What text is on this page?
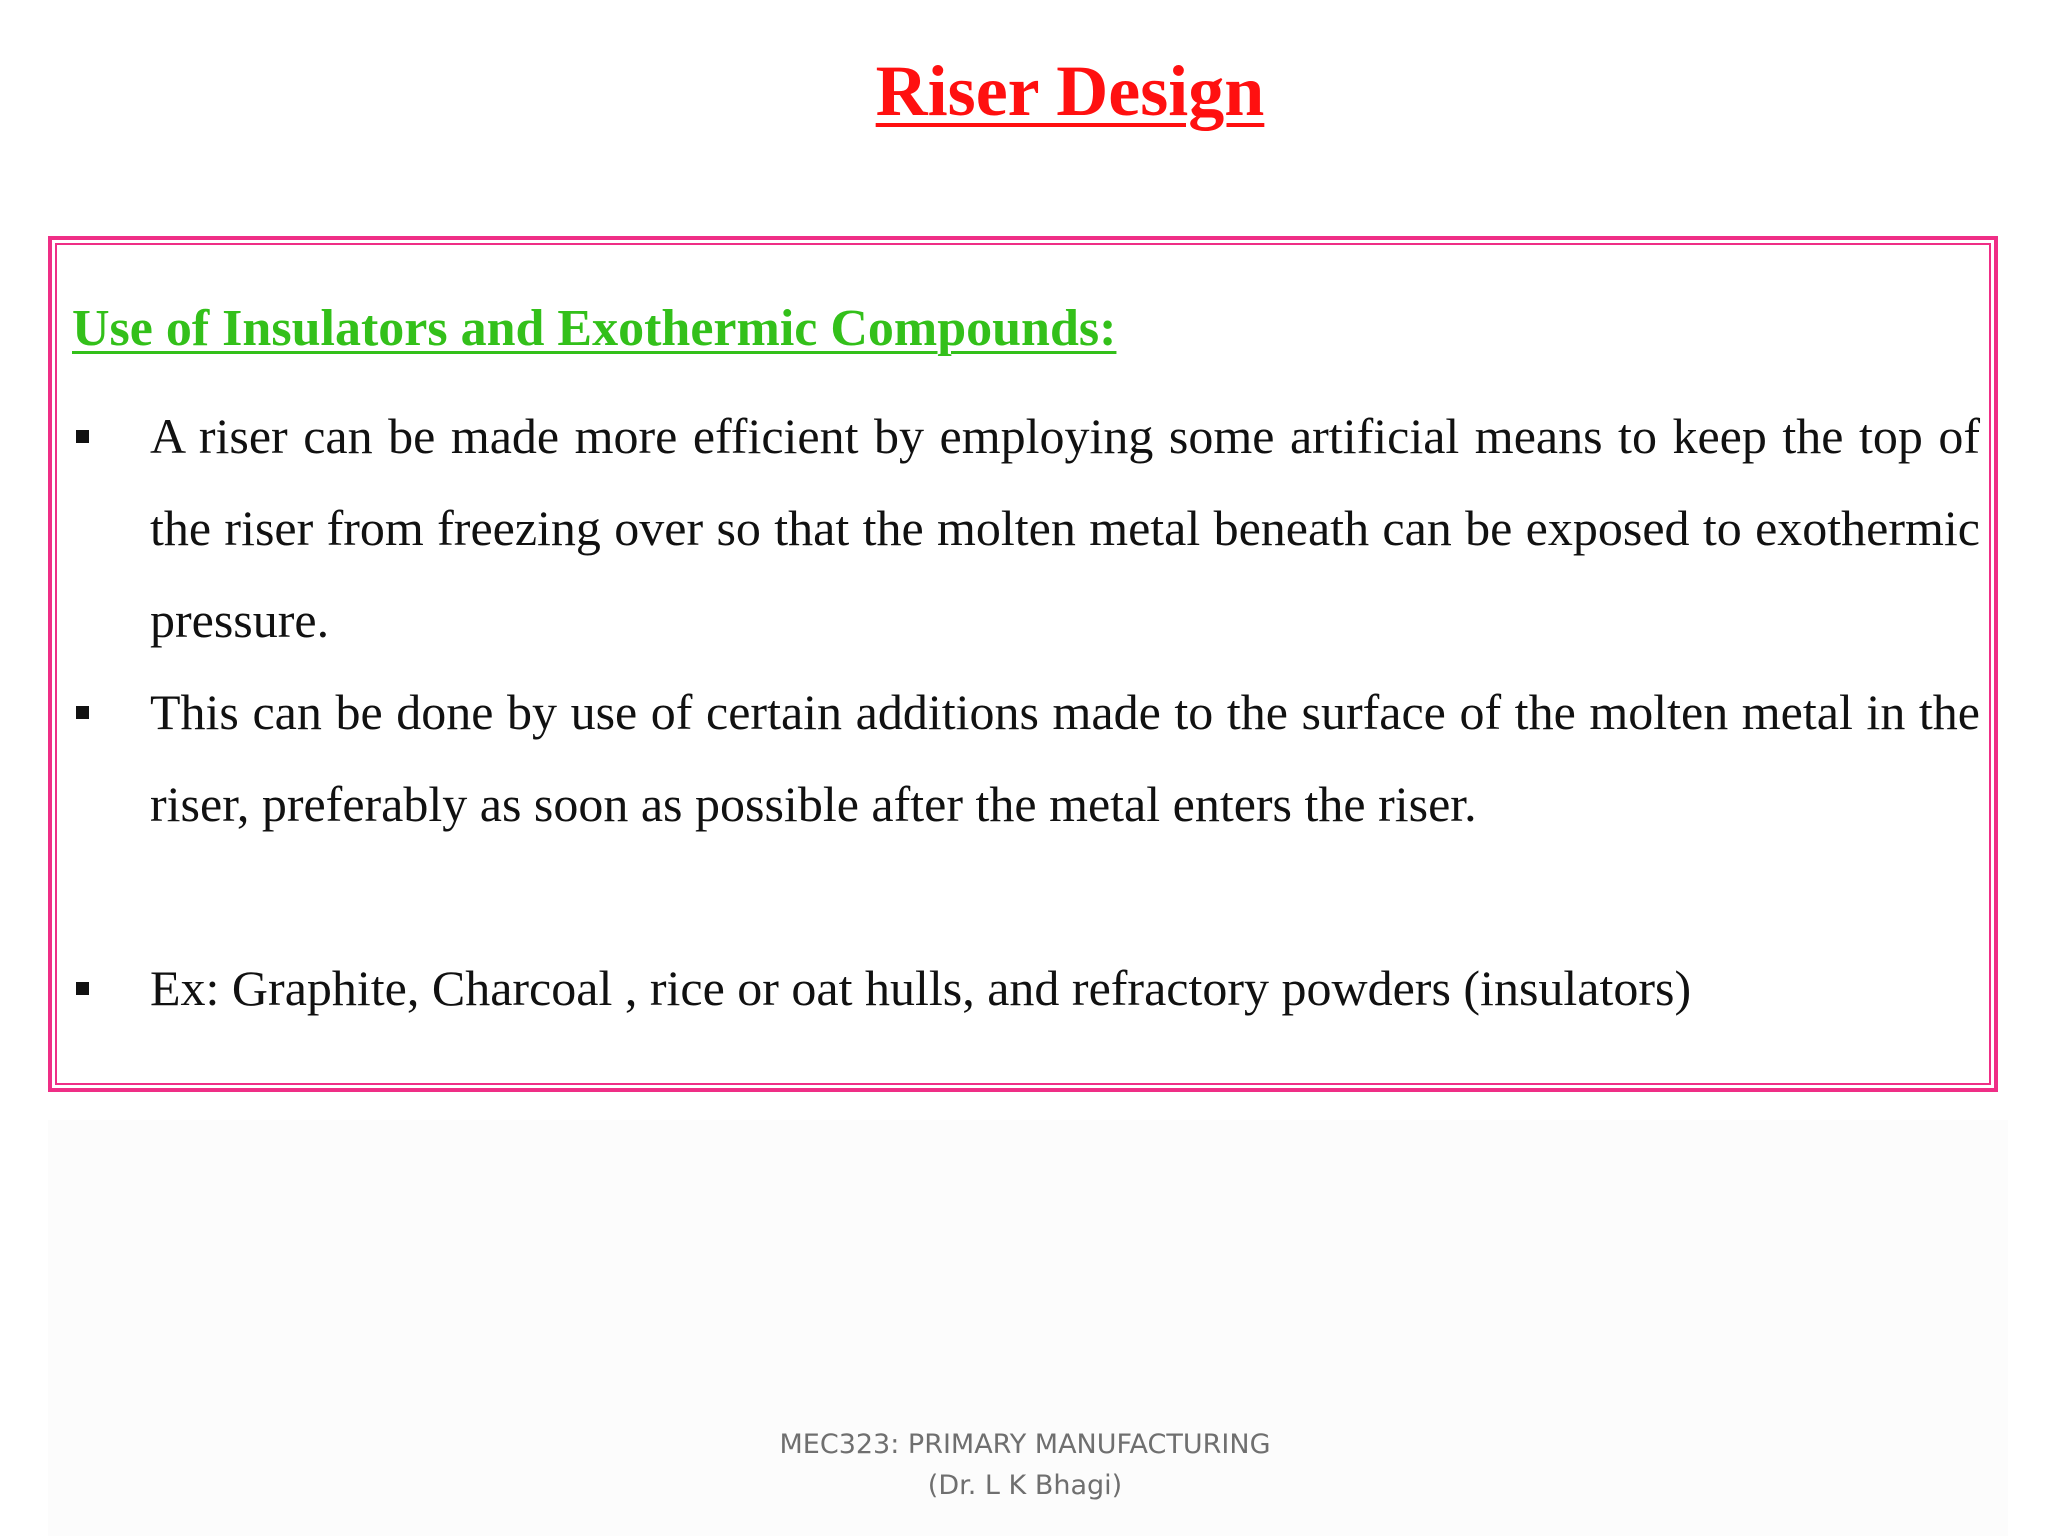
Riser Design
Use of Insulators and Exothermic Compounds:
A riser can be made more efficient by employing some artificial means to keep the top of the riser from freezing over so that the molten metal beneath can be exposed to exothermic pressure.
This can be done by use of certain additions made to the surface of the molten metal in the riser, preferably as soon as possible after the metal enters the riser.
Ex: Graphite, Charcoal , rice or oat hulls, and refractory powders (insulators)
MEC323: PRIMARY MANUFACTURING
(Dr. L K Bhagi)
